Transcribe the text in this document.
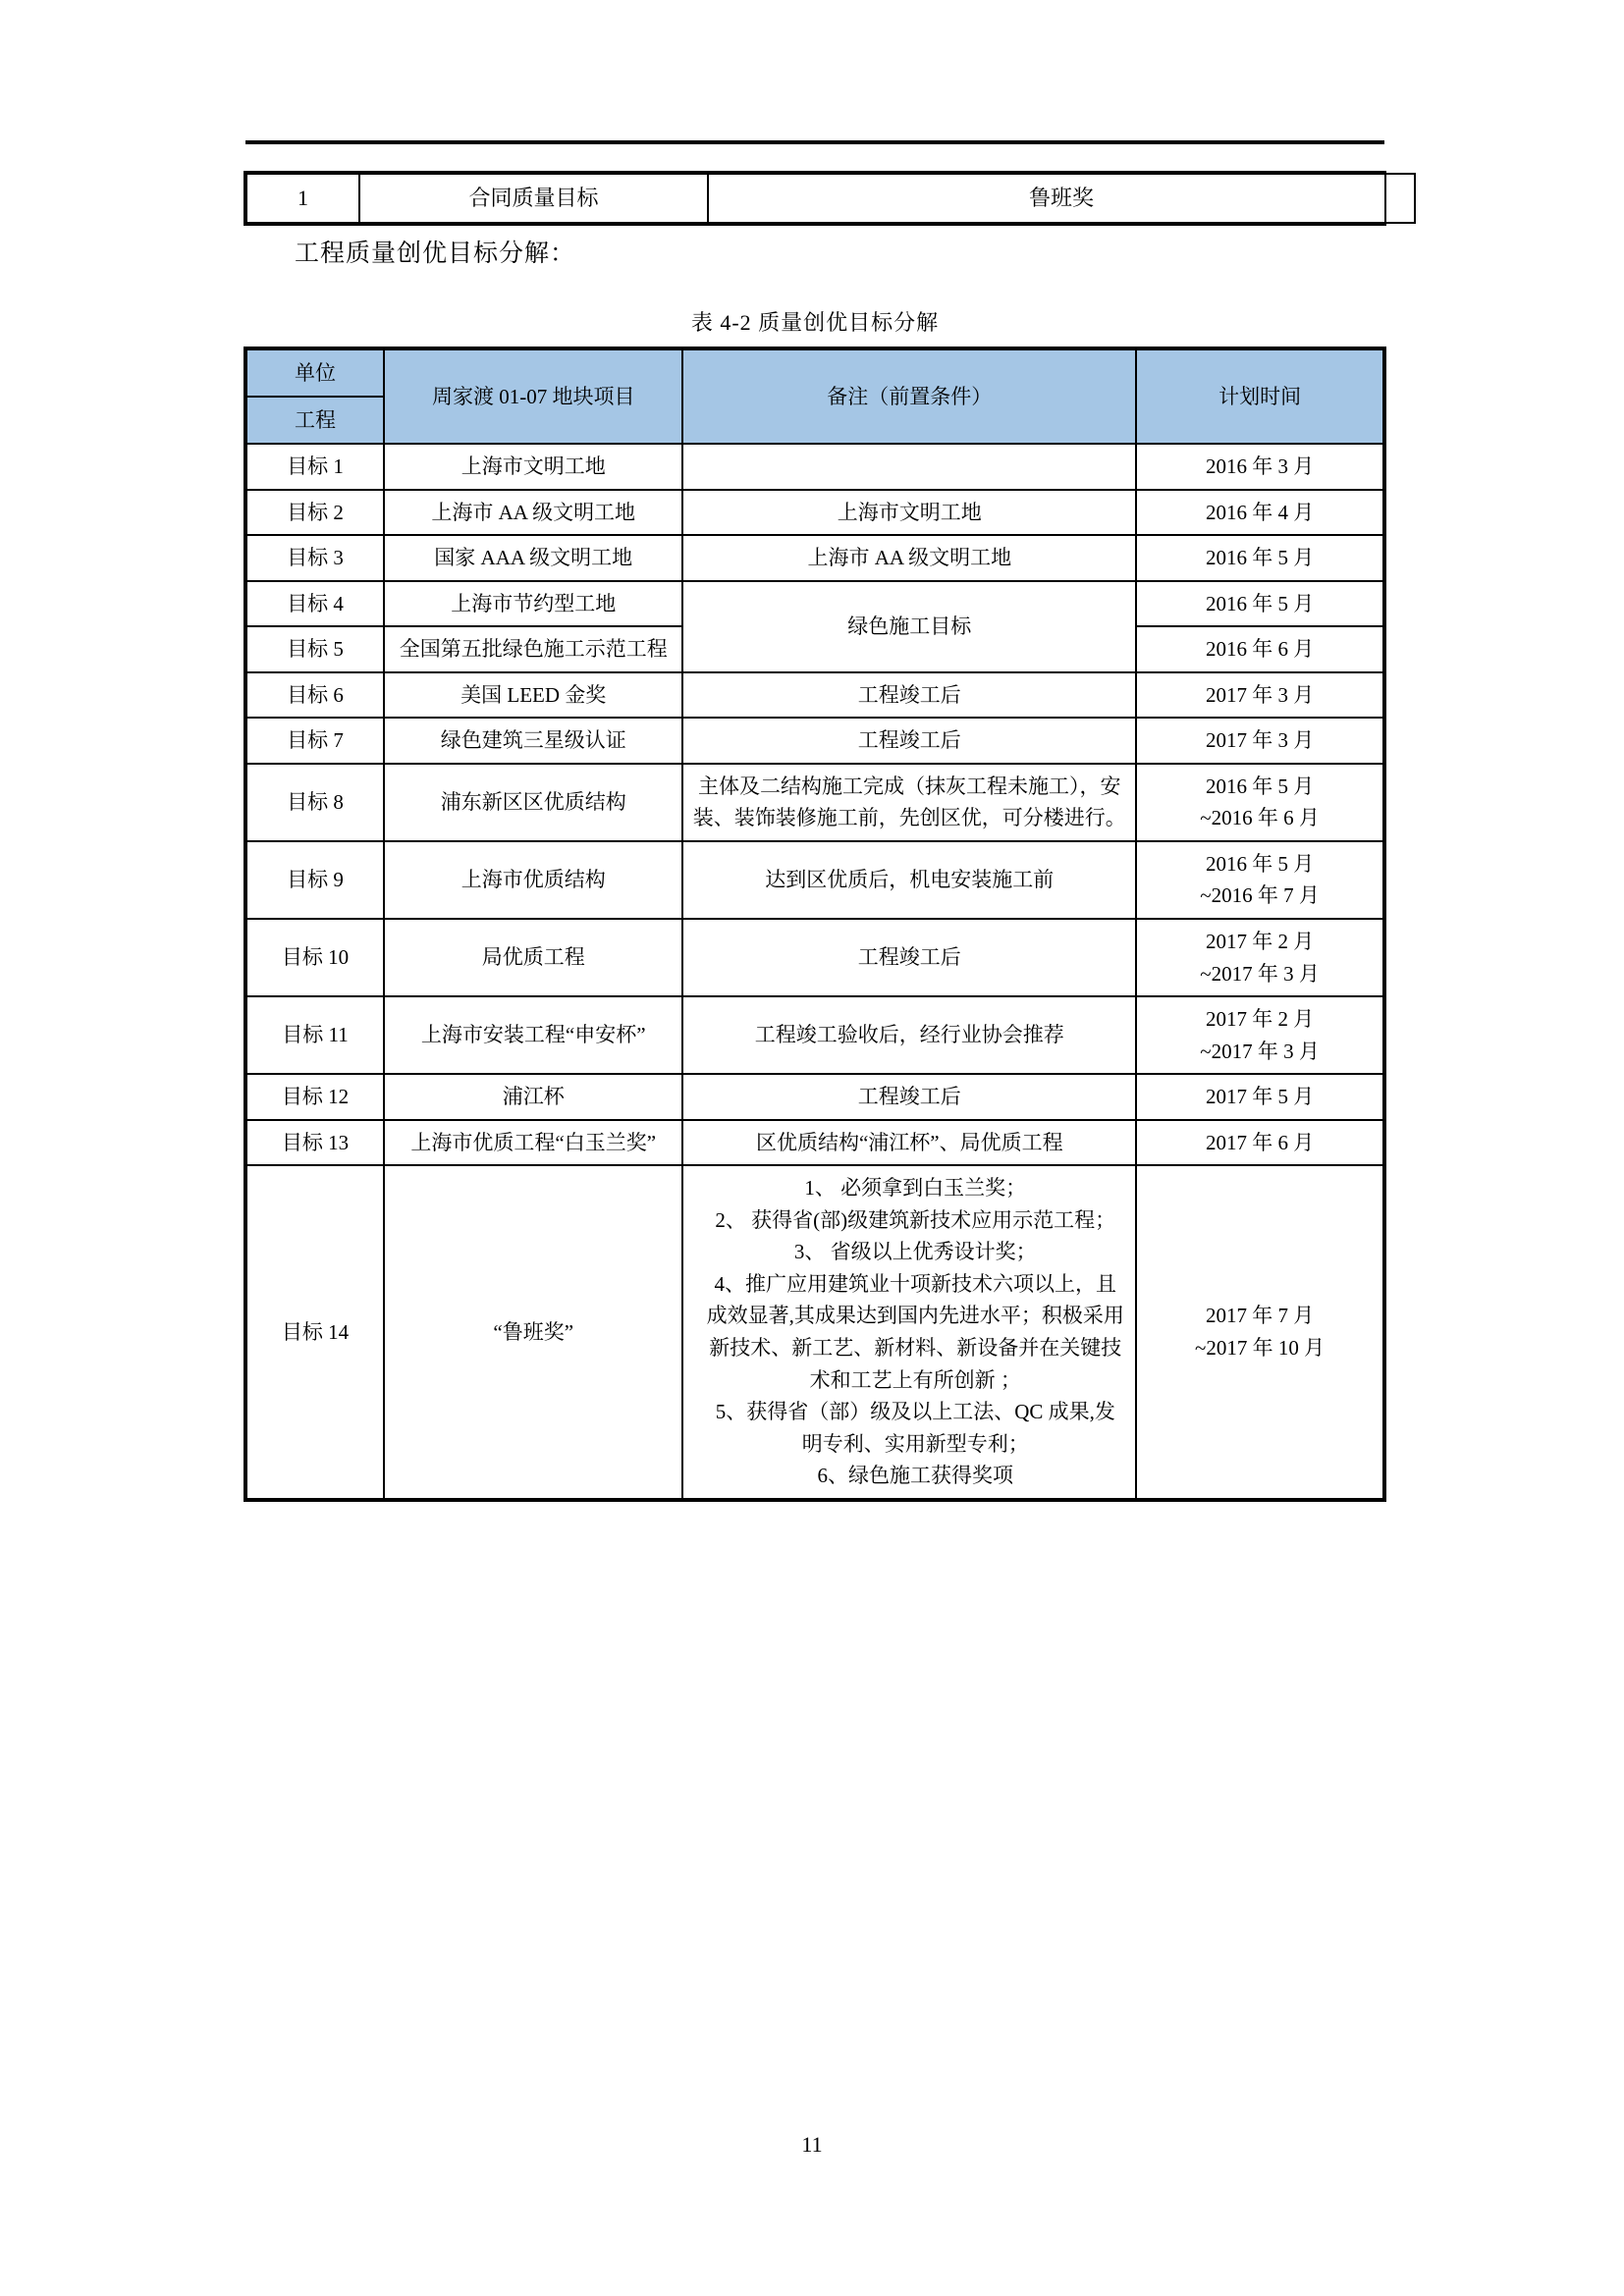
1	合同质量目标	鲁班奖
工程质量创优目标分解：
表 4-2 质量创优目标分解
单位	周家渡 01-07 地块项目	备注（前置条件）	计划时间
工程			
目标 1	上海市文明工地		2016 年 3 月
目标 2	上海市 AA 级文明工地	上海市文明工地	2016 年 4 月
目标 3	国家 AAA 级文明工地	上海市 AA 级文明工地	2016 年 5 月
目标 4	上海市节约型工地	绿色施工目标	2016 年 5 月
目标 5	全国第五批绿色施工示范工程		2016 年 6 月
目标 6	美国 LEED 金奖	工程竣工后	2017 年 3 月
目标 7	绿色建筑三星级认证	工程竣工后	2017 年 3 月
目标 8	浦东新区区优质结构	主体及二结构施工完成（抹灰工程未施工），安装、装饰装修施工前，先创区优，可分楼进行。	2016 年 5 月
~2016 年 6 月
目标 9	上海市优质结构	达到区优质后，机电安装施工前	2016 年 5 月
~2016 年 7 月
目标 10	局优质工程	工程竣工后	2017 年 2 月
~2017 年 3 月
目标 11	上海市安装工程“申安杯”	工程竣工验收后，经行业协会推荐	2017 年 2 月
~2017 年 3 月
目标 12	浦江杯	工程竣工后	2017 年 5 月
目标 13	上海市优质工程“白玉兰奖”	区优质结构“浦江杯”、局优质工程	2017 年 6 月
目标 14	“鲁班奖”	1、 必须拿到白玉兰奖；
2、 获得省(部)级建筑新技术应用示范工程；
3、 省级以上优秀设计奖；
4、推广应用建筑业十项新技术六项以上，且成效显著,其成果达到国内先进水平；积极采用新技术、新工艺、新材料、新设备并在关键技术和工艺上有所创新 ；
5、获得省（部）级及以上工法、QC 成果,发明专利、实用新型专利；
6、绿色施工获得奖项	2017 年 7 月
~2017 年 10 月
11
